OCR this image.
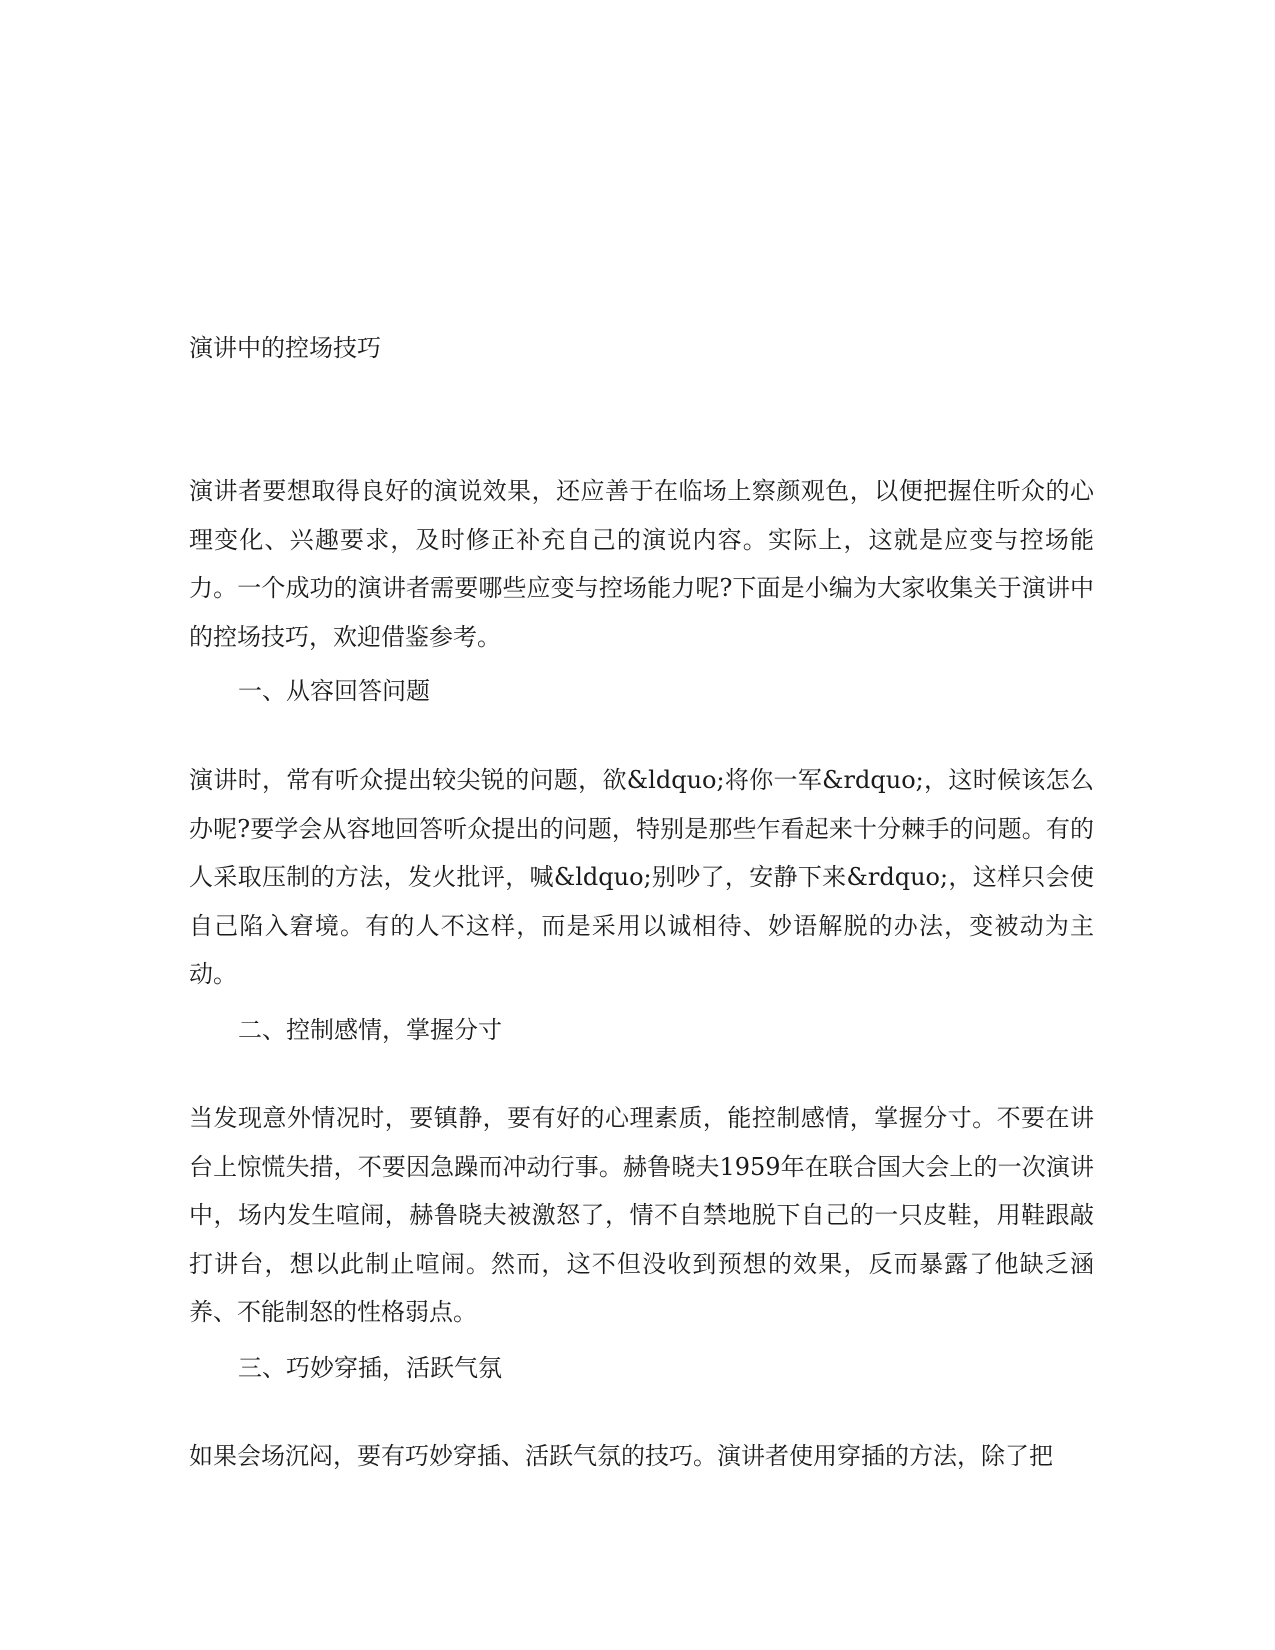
演讲中的控场技巧

演讲者要想取得良好的演说效果，还应善于在临场上察颜观色，以便把握住听众的心理变化、兴趣要求，及时修正补充自己的演说内容。实际上，这就是应变与控场能力。一个成功的演讲者需要哪些应变与控场能力呢?下面是小编为大家收集关于演讲中的控场技巧，欢迎借鉴参考。

一、从容回答问题

演讲时，常有听众提出较尖锐的问题，欲&ldquo;将你一军&rdquo;，这时候该怎么办呢?要学会从容地回答听众提出的问题，特别是那些乍看起来十分棘手的问题。有的人采取压制的方法，发火批评，喊&ldquo;别吵了，安静下来&rdquo;，这样只会使自己陷入窘境。有的人不这样，而是采用以诚相待、妙语解脱的办法，变被动为主动。

二、控制感情，掌握分寸

当发现意外情况时，要镇静，要有好的心理素质，能控制感情，掌握分寸。不要在讲台上惊慌失措，不要因急躁而冲动行事。赫鲁晓夫1959年在联合国大会上的一次演讲中，场内发生喧闹，赫鲁晓夫被激怒了，情不自禁地脱下自己的一只皮鞋，用鞋跟敲打讲台，想以此制止喧闹。然而，这不但没收到预想的效果，反而暴露了他缺乏涵养、不能制怒的性格弱点。

三、巧妙穿插，活跃气氛

如果会场沉闷，要有巧妙穿插、活跃气氛的技巧。演讲者使用穿插的方法，除了把
